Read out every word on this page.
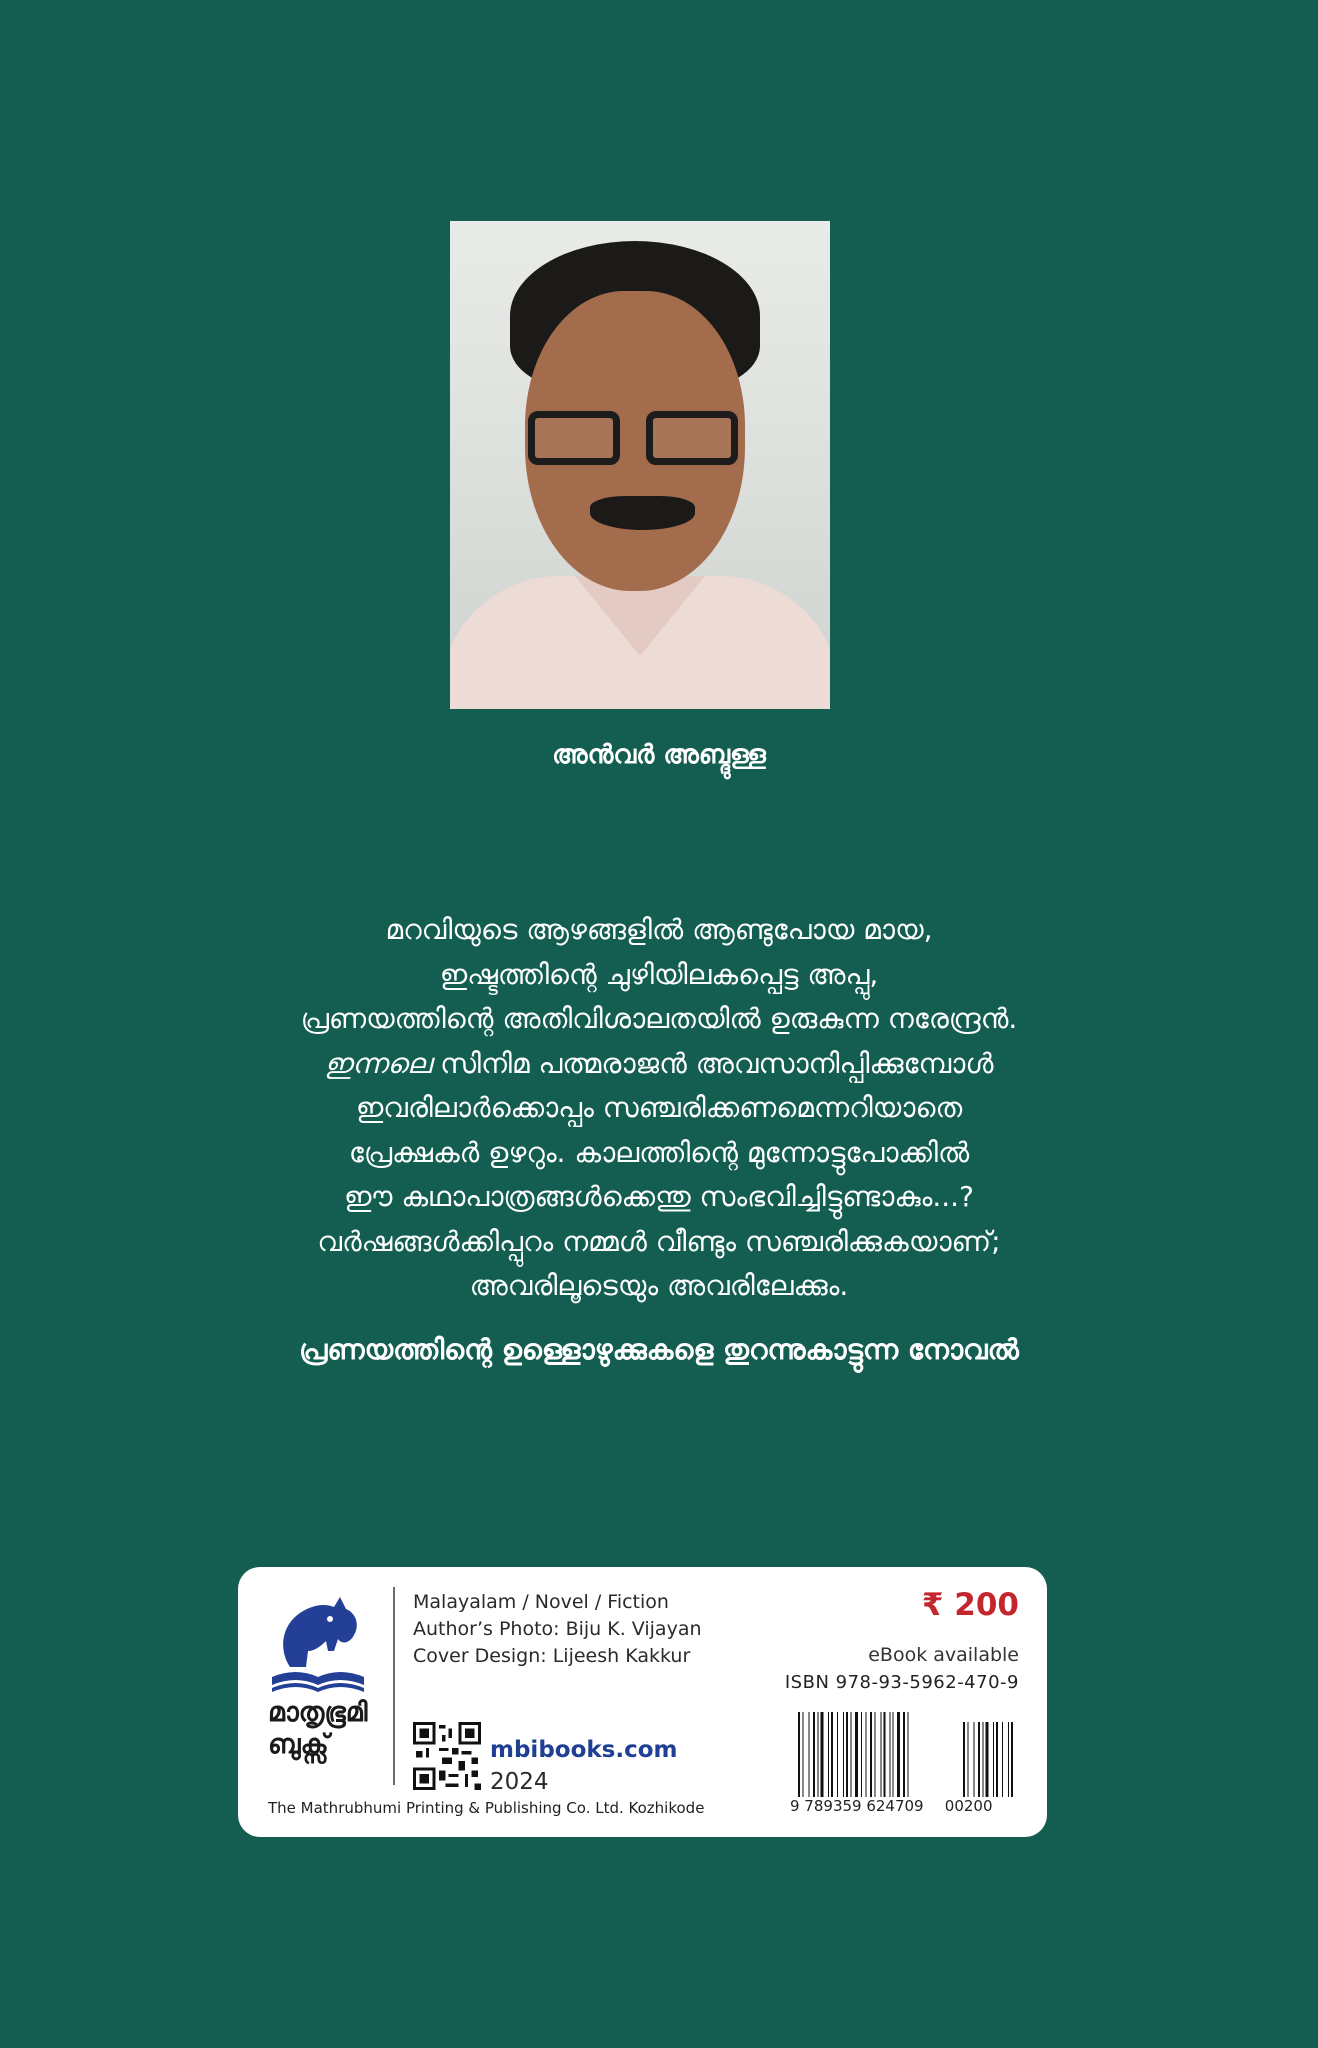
അൻവർ അബ്ദുള്ള
മറവിയുടെ ആഴങ്ങളിൽ ആണ്ടുപോയ മായ,
ഇഷ്ടത്തിന്റെ ചുഴിയിലകപ്പെട്ട അപ്പു,
പ്രണയത്തിന്റെ അതിവിശാലതയിൽ ഉരുകുന്ന നരേന്ദ്രൻ.
ഇന്നലെ സിനിമ പത്മരാജൻ അവസാനിപ്പിക്കുമ്പോൾ
ഇവരിലാർക്കൊപ്പം സഞ്ചരിക്കണമെന്നറിയാതെ
പ്രേക്ഷകർ ഉഴറും. കാലത്തിന്റെ മുന്നോട്ടുപോക്കിൽ
ഈ കഥാപാത്രങ്ങൾക്കെന്തു സംഭവിച്ചിട്ടുണ്ടാകും...?
വർഷങ്ങൾക്കിപ്പുറം നമ്മൾ വീണ്ടും സഞ്ചരിക്കുകയാണ്;
അവരിലൂടെയും അവരിലേക്കും.
പ്രണയത്തിന്റെ ഉള്ളൊഴുക്കുകളെ തുറന്നുകാട്ടുന്ന നോവൽ
മാതൃഭൂമി
ബുക്സ്
Malayalam / Novel / Fiction
Author’s Photo: Biju K. Vijayan
Cover Design: Lijeesh Kakkur
mbibooks.com
2024
The Mathrubhumi Printing & Publishing Co. Ltd. Kozhikode
₹ 200
eBook available
ISBN 978-93-5962-470-9
9 789359 624709 00200
